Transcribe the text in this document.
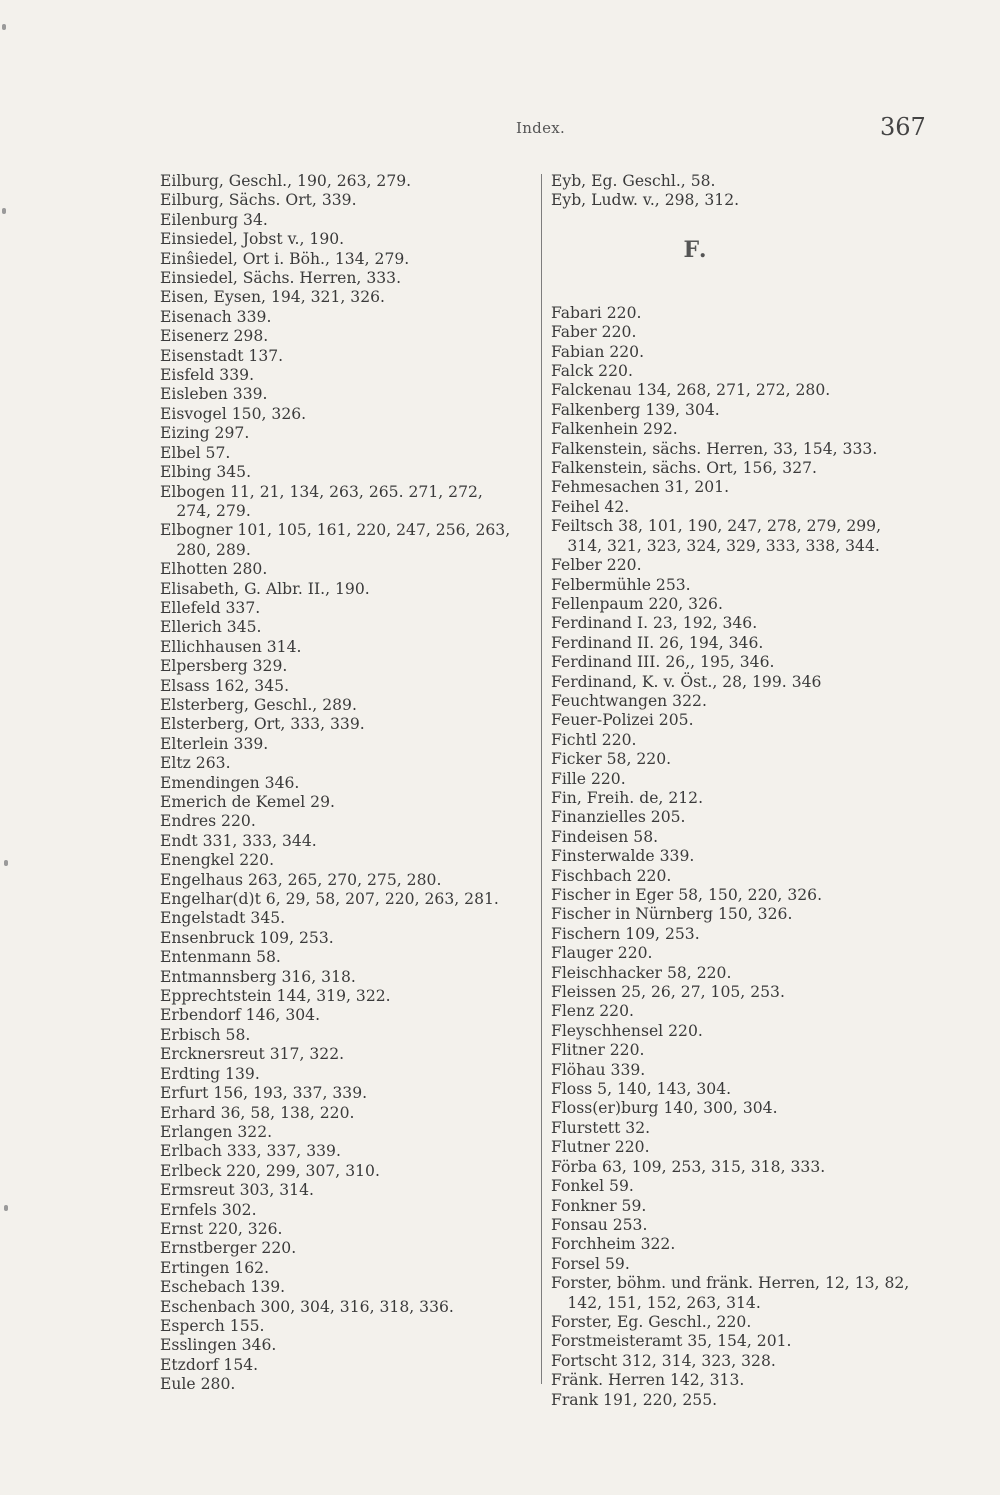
Index.	367
Eilburg, Geschl., 190, 263, 279.
Eilburg, Sächs. Ort, 339.
Eilenburg 34.
Einsiedel, Jobst v., 190.
Einŝiedel, Ort i. Böh., 134, 279.
Einsiedel, Sächs. Herren, 333.
Eisen, Eysen, 194, 321, 326.
Eisenach 339.
Eisenerz 298.
Eisenstadt 137.
Eisfeld 339.
Eisleben 339.
Eisvogel 150, 326.
Eizing 297.
Elbel 57.
Elbing 345.
Elbogen 11, 21, 134, 263, 265. 271, 272,
274, 279.
Elbogner 101, 105, 161, 220, 247, 256, 263,
280, 289.
Elhotten 280.
Elisabeth, G. Albr. II., 190.
Ellefeld 337.
Ellerich 345.
Ellichhausen 314.
Elpersberg 329.
Elsass 162, 345.
Elsterberg, Geschl., 289.
Elsterberg, Ort, 333, 339.
Elterlein 339.
Eltz 263.
Emendingen 346.
Emerich de Kemel 29.
Endres 220.
Endt 331, 333, 344.
Enengkel 220.
Engelhaus 263, 265, 270, 275, 280.
Engelhar(d)t 6, 29, 58, 207, 220, 263, 281.
Engelstadt 345.
Ensenbruck 109, 253.
Entenmann 58.
Entmannsberg 316, 318.
Epprechtstein 144, 319, 322.
Erbendorf 146, 304.
Erbisch 58.
Ercknersreut 317, 322.
Erdting 139.
Erfurt 156, 193, 337, 339.
Erhard 36, 58, 138, 220.
Erlangen 322.
Erlbach 333, 337, 339.
Erlbeck 220, 299, 307, 310.
Ermsreut 303, 314.
Ernfels 302.
Ernst 220, 326.
Ernstberger 220.
Ertingen 162.
Eschebach 139.
Eschenbach 300, 304, 316, 318, 336.
Esperch 155.
Esslingen 346.
Etzdorf 154.
Eule 280.
Eyb, Eg. Geschl., 58.
Eyb, Ludw. v., 298, 312.
F.
Fabari 220.
Faber 220.
Fabian 220.
Falck 220.
Falckenau 134, 268, 271, 272, 280.
Falkenberg 139, 304.
Falkenhein 292.
Falkenstein, sächs. Herren, 33, 154, 333.
Falkenstein, sächs. Ort, 156, 327.
Fehmesachen 31, 201.
Feihel 42.
Feiltsch 38, 101, 190, 247, 278, 279, 299,
314, 321, 323, 324, 329, 333, 338, 344.
Felber 220.
Felbermühle 253.
Fellenpaum 220, 326.
Ferdinand I. 23, 192, 346.
Ferdinand II. 26, 194, 346.
Ferdinand III. 26,, 195, 346.
Ferdinand, K. v. Öst., 28, 199. 346
Feuchtwangen 322.
Feuer-Polizei 205.
Fichtl 220.
Ficker 58, 220.
Fille 220.
Fin, Freih. de, 212.
Finanzielles 205.
Findeisen 58.
Finsterwalde 339.
Fischbach 220.
Fischer in Eger 58, 150, 220, 326.
Fischer in Nürnberg 150, 326.
Fischern 109, 253.
Flauger 220.
Fleischhacker 58, 220.
Fleissen 25, 26, 27, 105, 253.
Flenz 220.
Fleyschhensel 220.
Flitner 220.
Flöhau 339.
Floss 5, 140, 143, 304.
Floss(er)burg 140, 300, 304.
Flurstett 32.
Flutner 220.
Förba 63, 109, 253, 315, 318, 333.
Fonkel 59.
Fonkner 59.
Fonsau 253.
Forchheim 322.
Forsel 59.
Forster, böhm. und fränk. Herren, 12, 13, 82,
142, 151, 152, 263, 314.
Forster, Eg. Geschl., 220.
Forstmeisteramt 35, 154, 201.
Fortscht 312, 314, 323, 328.
Fränk. Herren 142, 313.
Frank 191, 220, 255.
